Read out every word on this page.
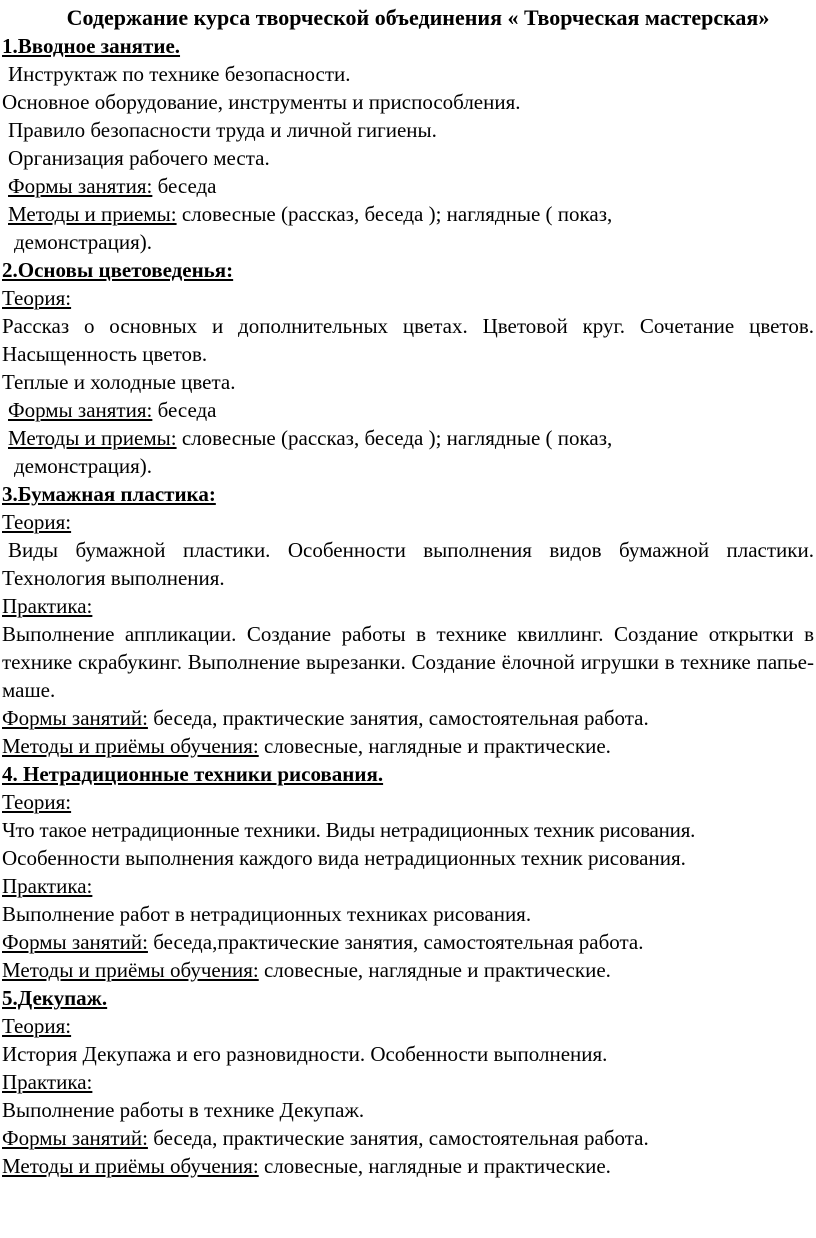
Содержание курса творческой объединения « Творческая мастерская»

1.Вводное занятие.

Инструктаж по технике безопасности.

Основное оборудование, инструменты и приспособления.

Правило безопасности труда и личной гигиены.

Организация рабочего места.

Формы занятия: беседа

Методы и приемы: словесные (рассказ, беседа ); наглядные ( показ,

демонстрация).

2.Основы цветоведенья:

Теория:

Рассказ о основных и дополнительных цветах. Цветовой круг. Сочетание цветов. Насыщенность цветов.

Теплые и холодные цвета.

Формы занятия: беседа

Методы и приемы: словесные (рассказ, беседа ); наглядные ( показ,

демонстрация).

3.Бумажная пластика:

Теория:

Виды бумажной пластики. Особенности выполнения видов бумажной пластики. Технология выполнения.

Практика:

Выполнение аппликации. Создание работы в технике квиллинг. Создание открытки в технике скрабукинг. Выполнение вырезанки. Создание ёлочной игрушки в технике папье-маше.

Формы занятий: беседа, практические занятия, самостоятельная работа.

Методы и приёмы обучения: словесные, наглядные и практические.

4. Нетрадиционные техники рисования.

Теория:

Что такое нетрадиционные техники. Виды нетрадиционных техник рисования.

Особенности выполнения каждого вида нетрадиционных техник рисования.

Практика:

Выполнение работ в нетрадиционных техниках рисования.

Формы занятий: беседа,практические занятия, самостоятельная работа.

Методы и приёмы обучения: словесные, наглядные и практические.

5.Декупаж.

Теория:

История Декупажа и его разновидности. Особенности выполнения.

Практика:

Выполнение работы в технике Декупаж.

Формы занятий: беседа, практические занятия, самостоятельная работа.

Методы и приёмы обучения: словесные, наглядные и практические.
